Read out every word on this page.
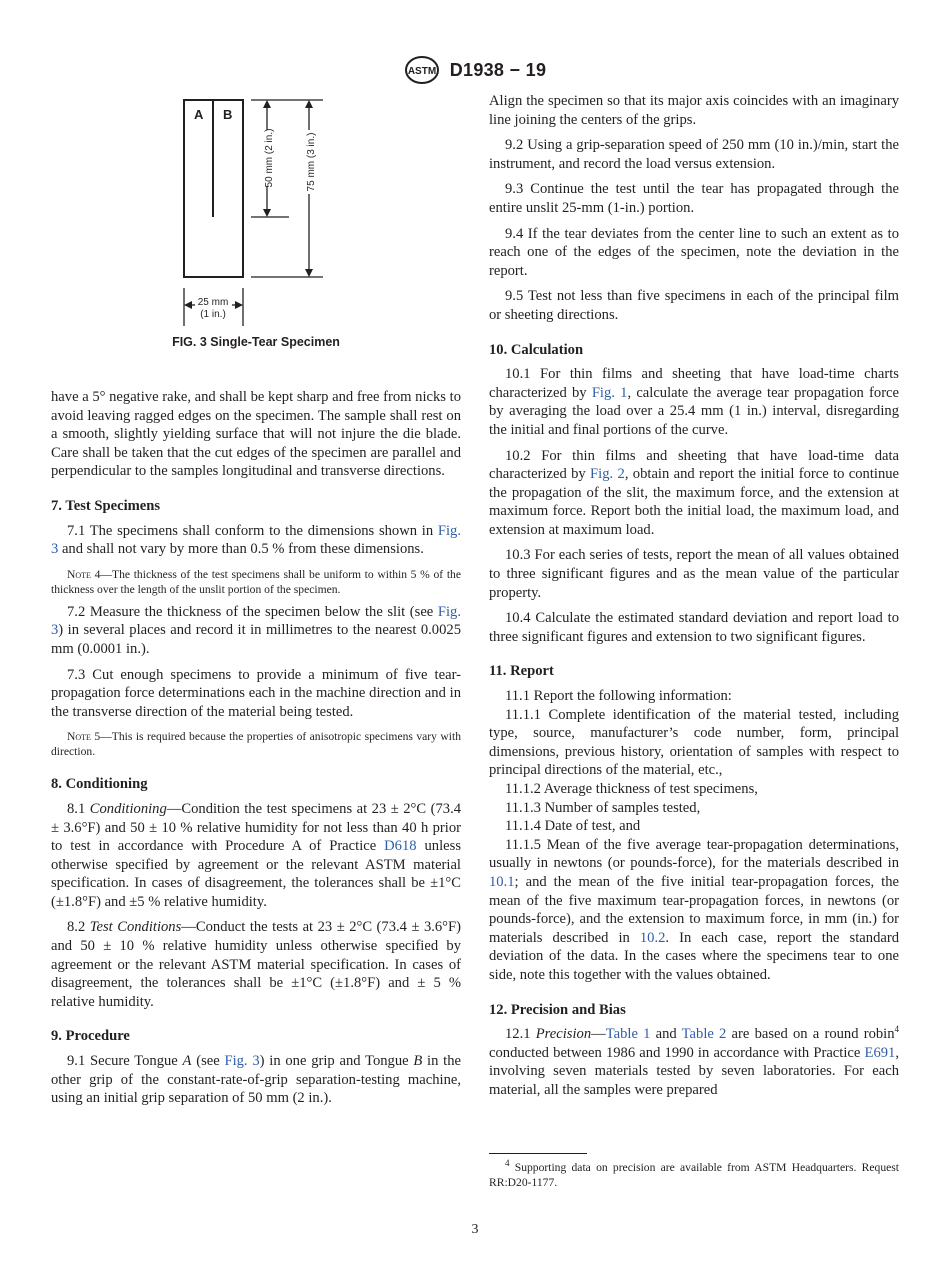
ASTM D1938 − 19
A B
50 mm (2 in.)	75 mm (3 in.)
25 mm
(1 in.)
FIG. 3 Single-Tear Specimen

have a 5° negative rake, and shall be kept sharp and free from nicks to avoid leaving ragged edges on the specimen. The sample shall rest on a smooth, slightly yielding surface that will not injure the die blade. Care shall be taken that the cut edges of the specimen are parallel and perpendicular to the samples longitudinal and transverse directions.

7. Test Specimens

7.1 The specimens shall conform to the dimensions shown in Fig. 3 and shall not vary by more than 0.5 % from these dimensions.

Note 4—The thickness of the test specimens shall be uniform to within 5 % of the thickness over the length of the unslit portion of the specimen.

7.2 Measure the thickness of the specimen below the slit (see Fig. 3) in several places and record it in millimetres to the nearest 0.0025 mm (0.0001 in.).

7.3 Cut enough specimens to provide a minimum of five tear-propagation force determinations each in the machine direction and in the transverse direction of the material being tested.

Note 5—This is required because the properties of anisotropic specimens vary with direction.

8. Conditioning

8.1 Conditioning—Condition the test specimens at 23 ± 2°C (73.4 ± 3.6°F) and 50 ± 10 % relative humidity for not less than 40 h prior to test in accordance with Procedure A of Practice D618 unless otherwise specified by agreement or the relevant ASTM material specification. In cases of disagreement, the tolerances shall be ±1°C (±1.8°F) and ±5 % relative humidity.

8.2 Test Conditions—Conduct the tests at 23 ± 2°C (73.4 ± 3.6°F) and 50 ± 10 % relative humidity unless otherwise specified by agreement or the relevant ASTM material specification. In cases of disagreement, the tolerances shall be ±1°C (±1.8°F) and ± 5 % relative humidity.

9. Procedure

9.1 Secure Tongue A (see Fig. 3) in one grip and Tongue B in the other grip of the constant-rate-of-grip separation-testing machine, using an initial grip separation of 50 mm (2 in.).

Align the specimen so that its major axis coincides with an imaginary line joining the centers of the grips.

9.2 Using a grip-separation speed of 250 mm (10 in.)/min, start the instrument, and record the load versus extension.

9.3 Continue the test until the tear has propagated through the entire unslit 25-mm (1-in.) portion.

9.4 If the tear deviates from the center line to such an extent as to reach one of the edges of the specimen, note the deviation in the report.

9.5 Test not less than five specimens in each of the principal film or sheeting directions.

10. Calculation

10.1 For thin films and sheeting that have load-time charts characterized by Fig. 1, calculate the average tear propagation force by averaging the load over a 25.4 mm (1 in.) interval, disregarding the initial and final portions of the curve.

10.2 For thin films and sheeting that have load-time data characterized by Fig. 2, obtain and report the initial force to continue the propagation of the slit, the maximum force, and the extension at maximum force. Report both the initial load, the maximum load, and extension at maximum load.

10.3 For each series of tests, report the mean of all values obtained to three significant figures and as the mean value of the particular property.

10.4 Calculate the estimated standard deviation and report load to three significant figures and extension to two significant figures.

11. Report

11.1 Report the following information:

11.1.1 Complete identification of the material tested, including type, source, manufacturer’s code number, form, principal dimensions, previous history, orientation of samples with respect to principal directions of the material, etc.,

11.1.2 Average thickness of test specimens,

11.1.3 Number of samples tested,

11.1.4 Date of test, and

11.1.5 Mean of the five average tear-propagation determinations, usually in newtons (or pounds-force), for the materials described in 10.1; and the mean of the five initial tear-propagation forces, the mean of the five maximum tear-propagation forces, in newtons (or pounds-force), and the extension to maximum force, in mm (in.) for materials described in 10.2. In each case, report the standard deviation of the data. In the cases where the specimens tear to one side, note this together with the values obtained.

12. Precision and Bias

12.1 Precision—Table 1 and Table 2 are based on a round robin$^4$ conducted between 1986 and 1990 in accordance with Practice E691, involving seven materials tested by seven laboratories. For each material, all the samples were prepared

$^4$ Supporting data on precision are available from ASTM Headquarters. Request RR:D20-1177.
3
